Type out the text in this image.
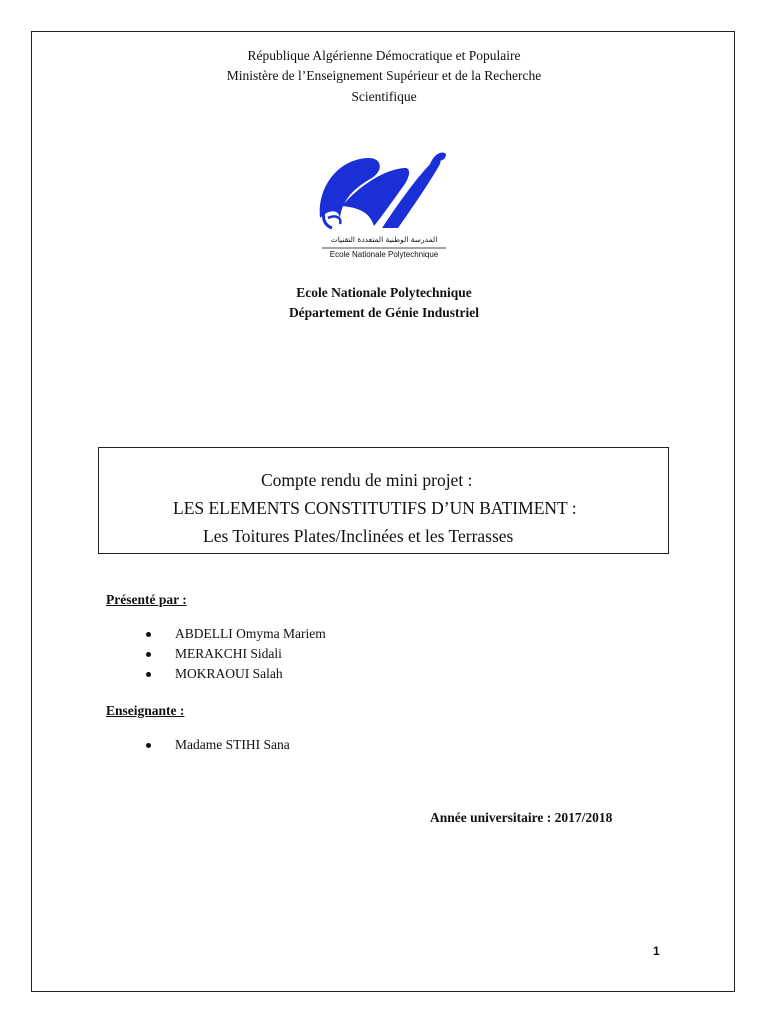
République Algérienne Démocratique et Populaire
Ministère de l’Enseignement Supérieur et de la Recherche
Scientifique
المدرسة الوطنية المتعددة التقنيات
Ecole Nationale Polytechnique
Ecole Nationale Polytechnique
Département de Génie Industriel
Compte rendu de mini projet :
LES ELEMENTS CONSTITUTIFS D’UN BATIMENT :
Les Toitures Plates/Inclinées et les Terrasses
Présenté par :
ABDELLI Omyma Mariem
MERAKCHI Sidali
MOKRAOUI Salah
Enseignante :
Madame STIHI Sana
Année universitaire : 2017/2018
1
